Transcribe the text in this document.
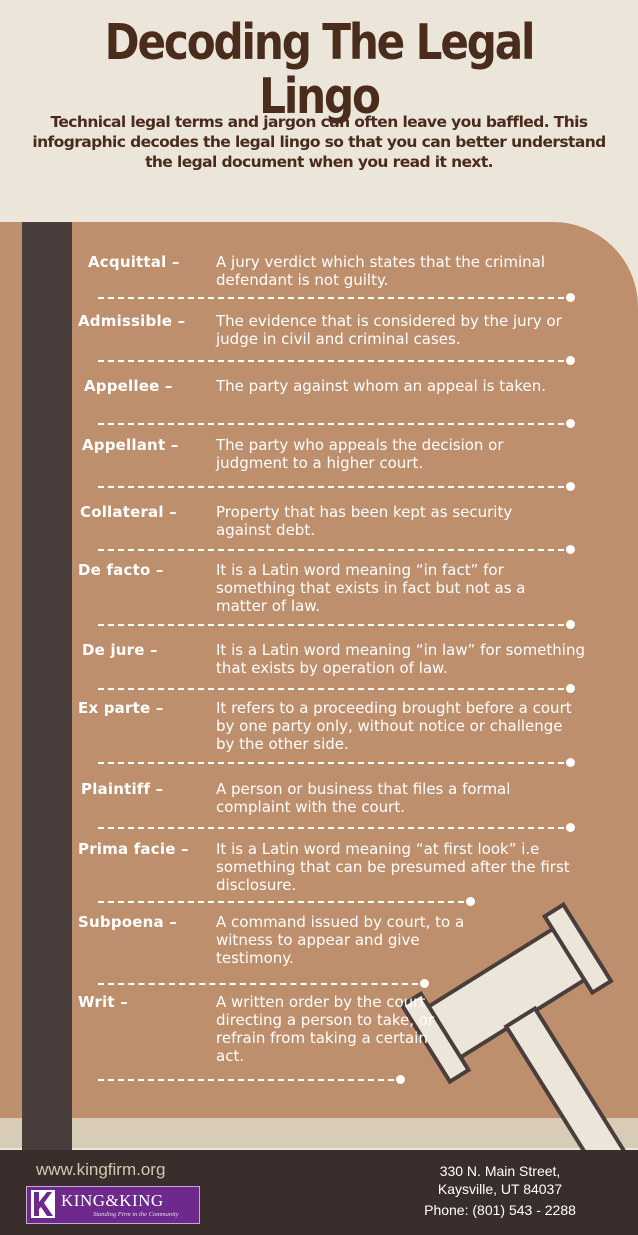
Decoding The Legal Lingo
Technical legal terms and jargon can often leave you baffled. This infographic decodes the legal lingo so that you can better understand the legal document when you read it next.
Acquittal –	A jury verdict which states that the criminal defendant is not guilty.
Admissible –	The evidence that is considered by the jury or judge in civil and criminal cases.
Appellee –	The party against whom an appeal is taken.
Appellant –	The party who appeals the decision or judgment to a higher court.
Collateral –	Property that has been kept as security against debt.
De facto –	It is a Latin word meaning “in fact” for something that exists in fact but not as a matter of law.
De jure –	It is a Latin word meaning “in law” for something that exists by operation of law.
Ex parte –	It refers to a proceeding brought before a court by one party only, without notice or challenge by the other side.
Plaintiff –	A person or business that files a formal complaint with the court.
Prima facie –	It is a Latin word meaning “at first look” i.e something that can be presumed after the first disclosure.
Subpoena –	A command issued by court, to a witness to appear and give testimony.
Writ –	A written order by the court directing a person to take, or refrain from taking a certain act.
www.kingfirm.org
KING&KING
Standing Firm in the Community
330 N. Main Street,
Kaysville, UT 84037
Phone: (801) 543 - 2288
